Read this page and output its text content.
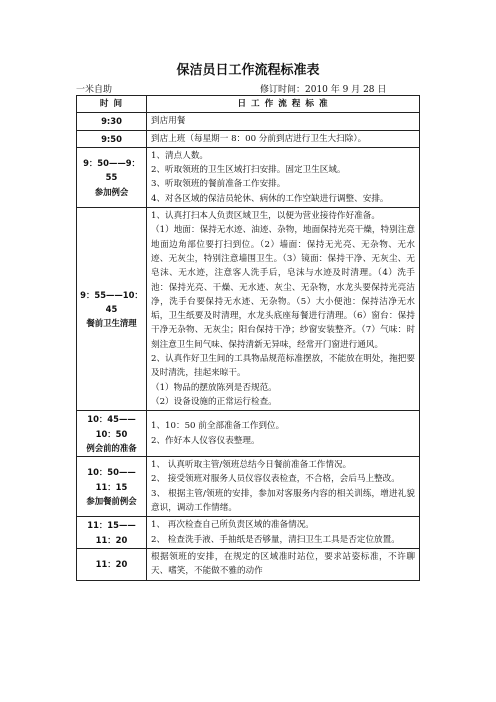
保洁员日工作流程标准表
一米自助	修订时间：2010 年 9 月 28 日
时 间	日 工 作 流 程 标 准

9:30	到店用餐

9:50	到店上班（每星期一 8：00 分前到店进行卫生大扫除）。

9：50——9：55
参加例会	1、清点人数。
2、听取领班的卫生区域打扫安排。固定卫生区域。
3、听取领班的餐前准备工作安排。
4、对各区域的保洁员轮休、病休的工作空缺进行调整、安排。

9：55——10：45
餐前卫生清理	1、认真打扫本人负责区域卫生，以便为营业接待作好准备。
（1）地面：保持无水迹、油迹、杂物，地面保持光亮干燥，特别注意地面边角部位要打扫到位。（2）墙面：保持无光亮、无杂物、无水迹、无灰尘，特别注意墙围卫生。（3）镜面：保持干净、无灰尘、无皂沫、无水迹，注意客人洗手后，皂沫与水迹及时清理。（4）洗手池：保持光亮、干燥、无水迹、灰尘、无杂物，水龙头要保持光亮洁净，洗手台要保持无水迹、无杂物。（5）大小便池：保持洁净无水垢，卫生纸要及时清理，水龙头底座每餐进行清理。（6）窗台：保持干净无杂物、无灰尘；阳台保持干净；纱窗安装整齐。（7）气味：时刻注意卫生间气味、保持清新无异味，经常开门窗进行通风。
2、认真作好卫生间的工具物品规范标准摆放，不能放在明处，拖把要及时清洗，挂起来晾干。
（1）物品的摆放陈列是否规范。
（2）设备设施的正常运行检查。

10：45——10：50
例会前的准备	1、10：50 前全部准备工作到位。
2、作好本人仪容仪表整理。

10：50——11：15
参加餐前例会	1、 认真听取主管/领班总结今日餐前准备工作情况。
2、 接受领班对服务人员仪容仪表检查，不合格，会后马上整改。
3、 根据主管/领班的安排，参加对客服务内容的相关训练，增进礼貌意识，调动工作情绪。

11：15——11：20	1、 再次检查自己所负责区域的准备情况。
2、 检查洗手液、手抽纸是否够量，清扫卫生工具是否定位放置。

11：20	根据领班的安排，在规定的区域准时站位，要求站姿标准，不许聊天、嗜笑，不能做不雅的动作
